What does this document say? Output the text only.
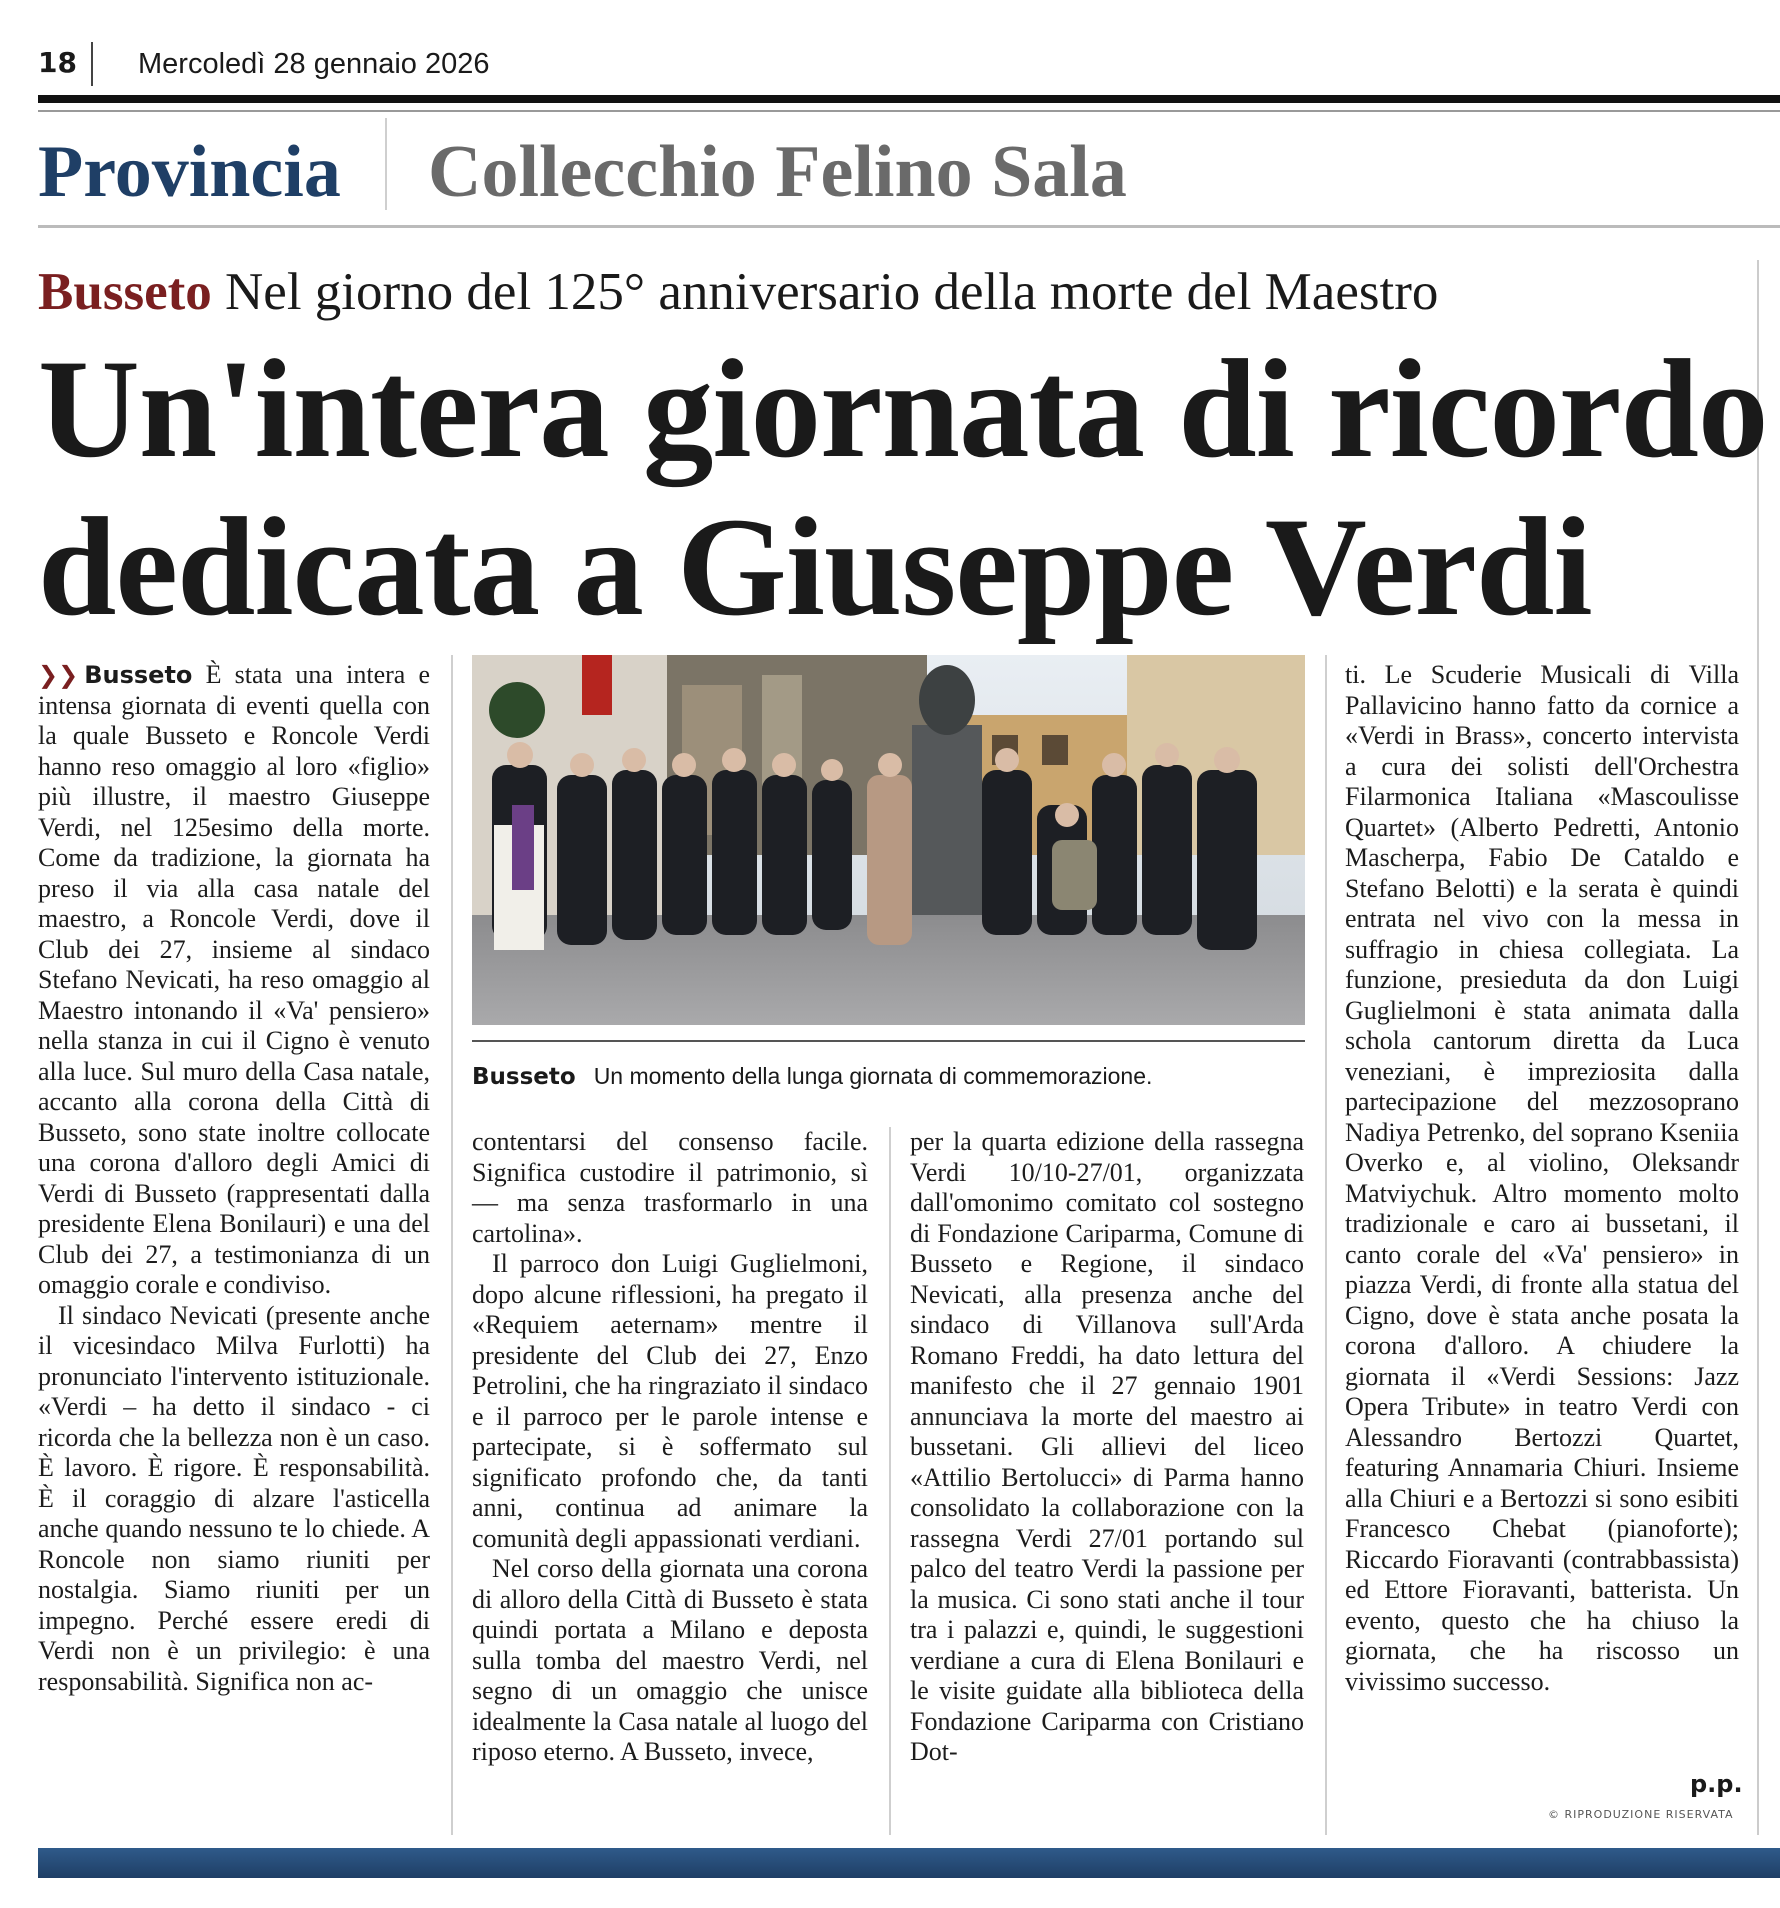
18 Mercoledì 28 gennaio 2026
Provincia Collecchio Felino Sala
Busseto Nel giorno del 125° anniversario della morte del Maestro
Un'intera giornata di ricordo
dedicata a Giuseppe Verdi

❯❯ Busseto È stata una intera e intensa giornata di eventi quella con la quale Busseto e Roncole Verdi hanno reso omaggio al loro «figlio» più illustre, il maestro Giuseppe Verdi, nel 125esimo della morte. Come da tradizione, la giornata ha preso il via alla casa natale del maestro, a Roncole Verdi, dove il Club dei 27, insieme al sindaco Stefano Nevicati, ha reso omaggio al Maestro intonando il «Va' pensiero» nella stanza in cui il Cigno è venuto alla luce. Sul muro della Casa natale, accanto alla corona della Città di Busseto, sono state inoltre collocate una corona d'alloro degli Amici di Verdi di Busseto (rappresentati dalla presidente Elena Bonilauri) e una del Club dei 27, a testimonianza di un omaggio corale e condiviso.

Il sindaco Nevicati (presente anche il vicesindaco Milva Furlotti) ha pronunciato l'intervento istituzionale. «Verdi – ha detto il sindaco - ci ricorda che la bellezza non è un caso. È lavoro. È rigore. È responsabilità. È il coraggio di alzare l'asticella anche quando nessuno te lo chiede. A Roncole non siamo riuniti per nostalgia. Siamo riuniti per un impegno. Perché essere eredi di Verdi non è un privilegio: è una responsabilità. Significa non ac-

Busseto Un momento della lunga giornata di commemorazione.

contentarsi del consenso facile. Significa custodire il patrimonio, sì — ma senza trasformarlo in una cartolina».

Il parroco don Luigi Guglielmoni, dopo alcune riflessioni, ha pregato il «Requiem aeternam» mentre il presidente del Club dei 27, Enzo Petrolini, che ha ringraziato il sindaco e il parroco per le parole intense e partecipate, si è soffermato sul significato profondo che, da tanti anni, continua ad animare la comunità degli appassionati verdiani.

Nel corso della giornata una corona di alloro della Città di Busseto è stata quindi portata a Milano e deposta sulla tomba del maestro Verdi, nel segno di un omaggio che unisce idealmente la Casa natale al luogo del riposo eterno. A Busseto, invece,

per la quarta edizione della rassegna Verdi 10/10-27/01, organizzata dall'omonimo comitato col sostegno di Fondazione Cariparma, Comune di Busseto e Regione, il sindaco Nevicati, alla presenza anche del sindaco di Villanova sull'Arda Romano Freddi, ha dato lettura del manifesto che il 27 gennaio 1901 annunciava la morte del maestro ai bussetani. Gli allievi del liceo «Attilio Bertolucci» di Parma hanno consolidato la collaborazione con la rassegna Verdi 27/01 portando sul palco del teatro Verdi la passione per la musica. Ci sono stati anche il tour tra i palazzi e, quindi, le suggestioni verdiane a cura di Elena Bonilauri e le visite guidate alla biblioteca della Fondazione Cariparma con Cristiano Dot-

ti. Le Scuderie Musicali di Villa Pallavicino hanno fatto da cornice a «Verdi in Brass», concerto intervista a cura dei solisti dell'Orchestra Filarmonica Italiana «Mascoulisse Quartet» (Alberto Pedretti, Antonio Mascherpa, Fabio De Cataldo e Stefano Belotti) e la serata è quindi entrata nel vivo con la messa in suffragio in chiesa collegiata. La funzione, presieduta da don Luigi Guglielmoni è stata animata dalla schola cantorum diretta da Luca veneziani, è impreziosita dalla partecipazione del mezzosoprano Nadiya Petrenko, del soprano Kseniia Overko e, al violino, Oleksandr Matviychuk. Altro momento molto tradizionale e caro ai bussetani, il canto corale del «Va' pensiero» in piazza Verdi, di fronte alla statua del Cigno, dove è stata anche posata la corona d'alloro. A chiudere la giornata il «Verdi Sessions: Jazz Opera Tribute» in teatro Verdi con Alessandro Bertozzi Quartet, featuring Annamaria Chiuri. Insieme alla Chiuri e a Bertozzi si sono esibiti Francesco Chebat (pianoforte); Riccardo Fioravanti (contrabbassista) ed Ettore Fioravanti, batterista. Un evento, questo che ha chiuso la giornata, che ha riscosso un vivissimo successo.

p.p.
© RIPRODUZIONE RISERVATA
